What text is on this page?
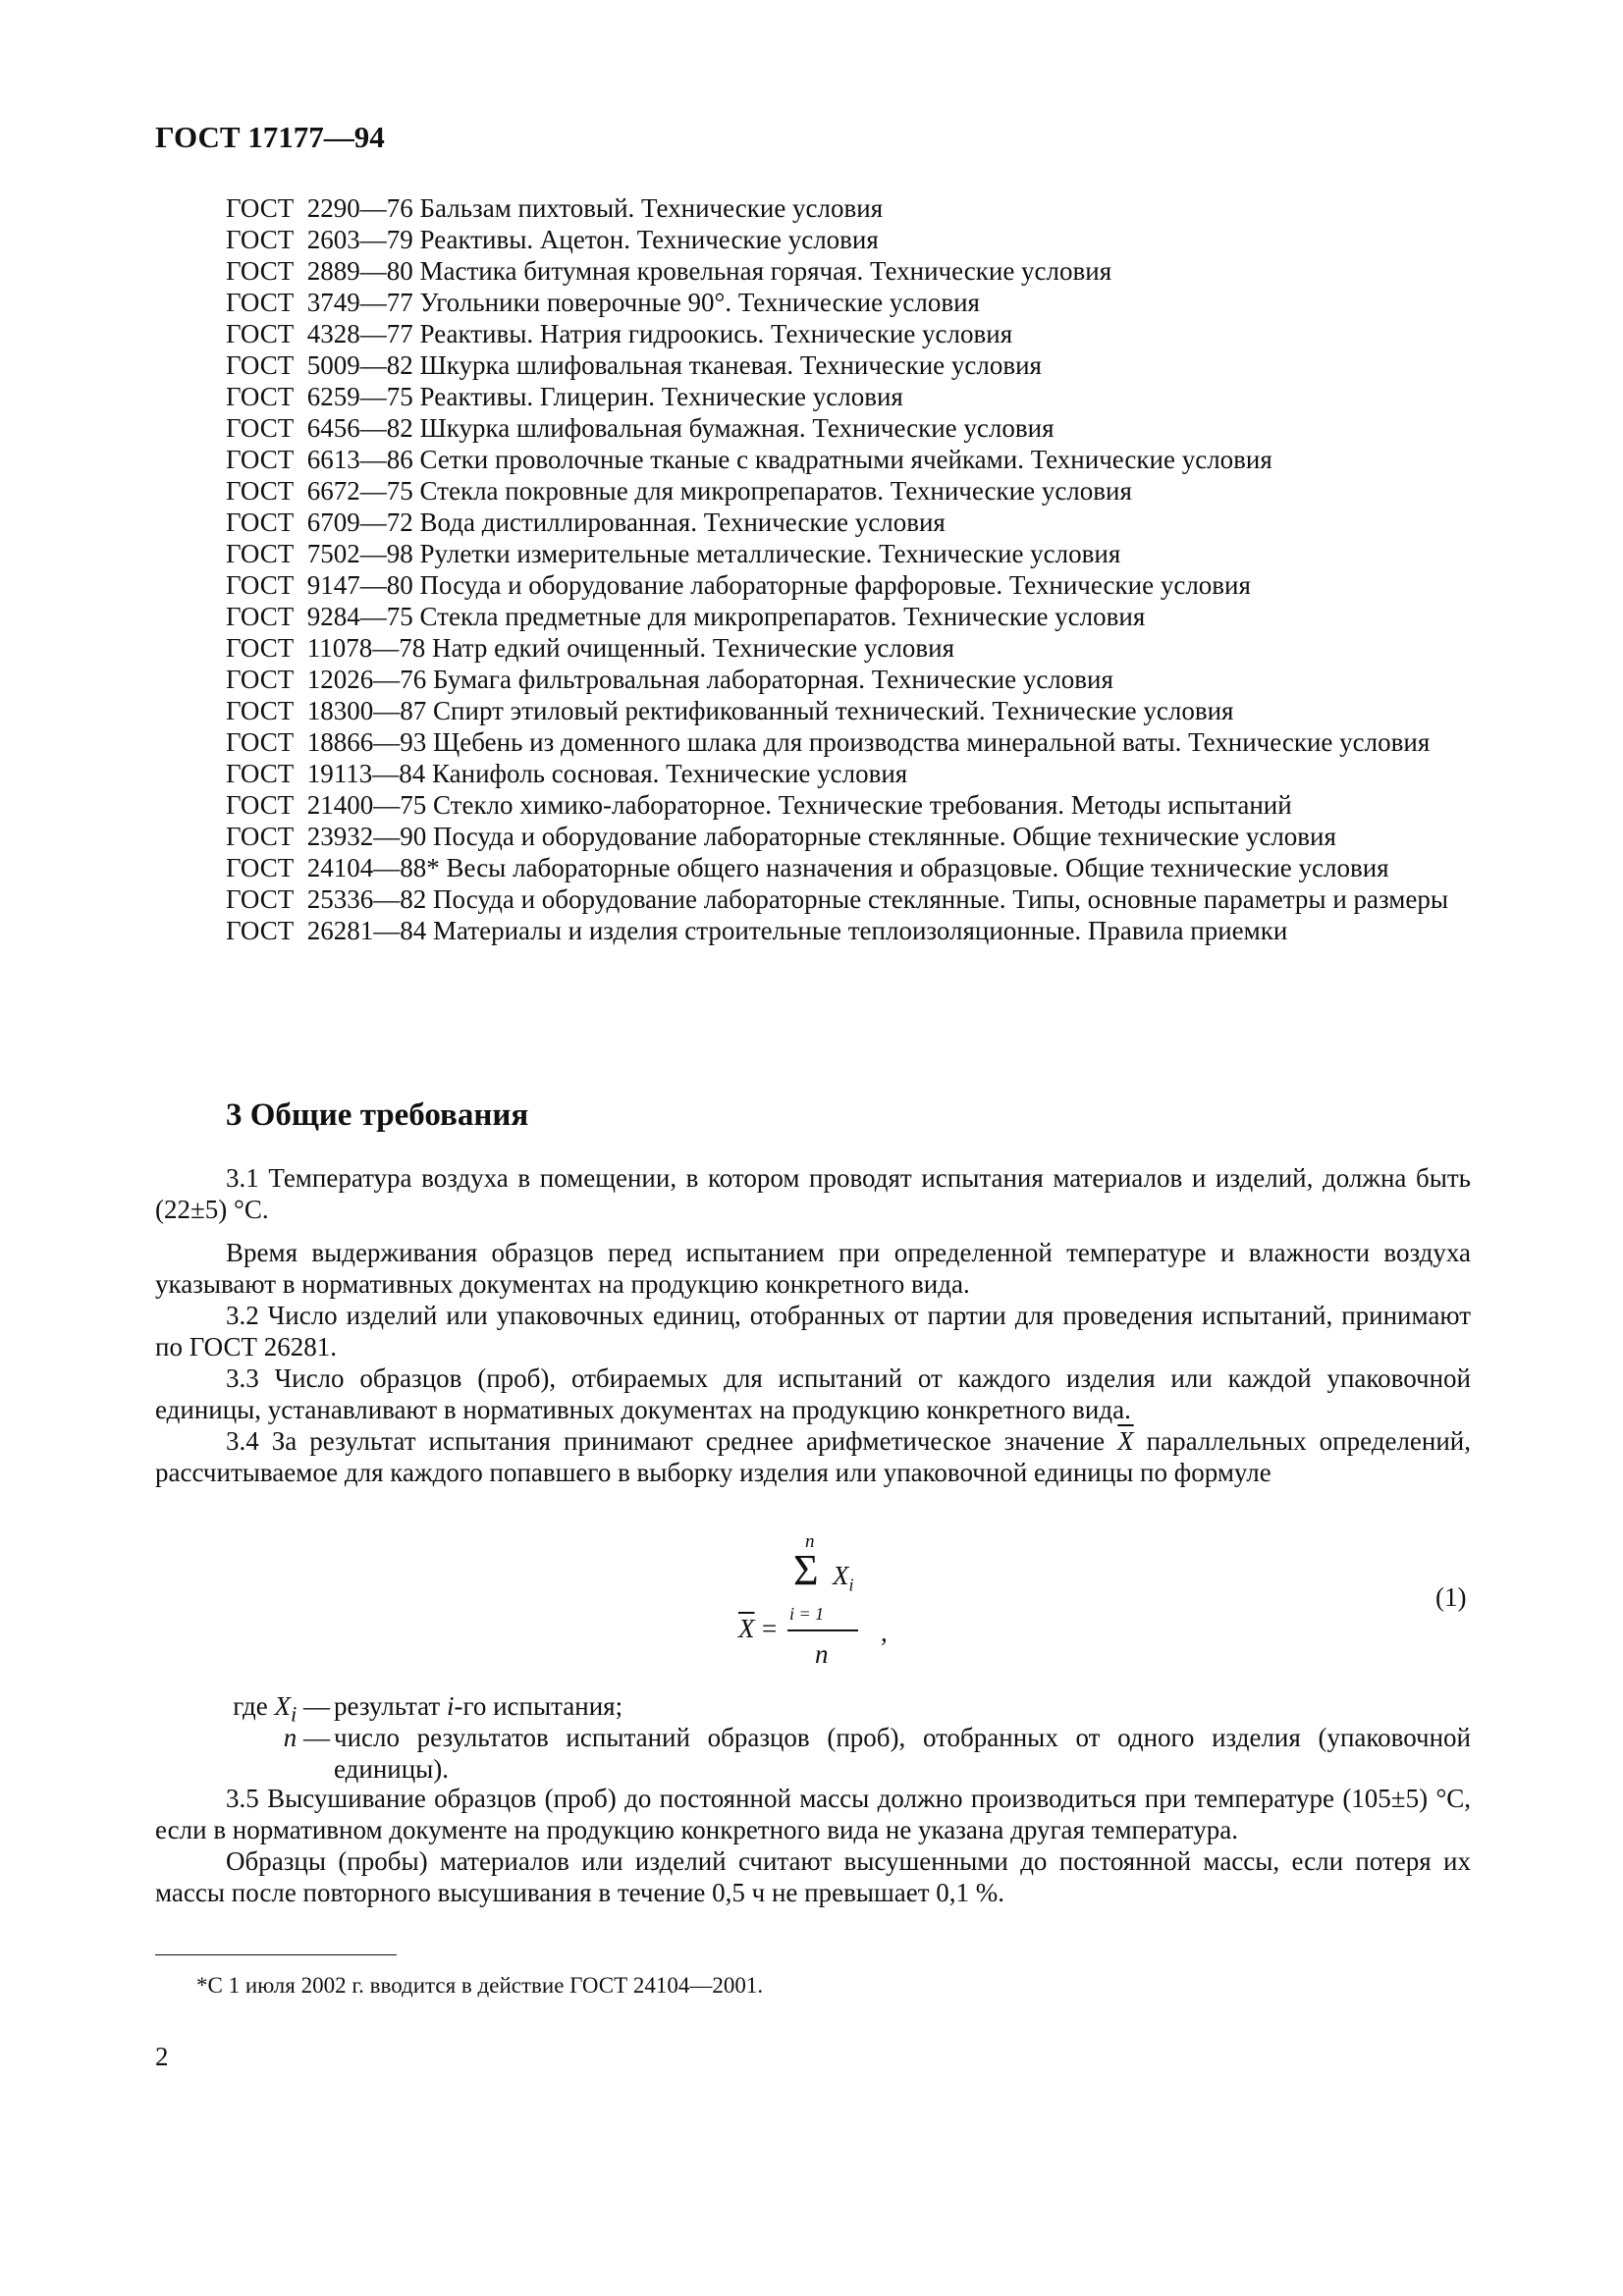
ГОСТ 17177—94

ГОСТ  2290—76 Бальзам пихтовый. Технические условия

ГОСТ  2603—79 Реактивы. Ацетон. Технические условия

ГОСТ  2889—80 Мастика битумная кровельная горячая. Технические условия

ГОСТ  3749—77 Угольники поверочные 90°. Технические условия

ГОСТ  4328—77 Реактивы. Натрия гидроокись. Технические условия

ГОСТ  5009—82 Шкурка шлифовальная тканевая. Технические условия

ГОСТ  6259—75 Реактивы. Глицерин. Технические условия

ГОСТ  6456—82 Шкурка шлифовальная бумажная. Технические условия

ГОСТ  6613—86 Сетки проволочные тканые с квадратными ячейками. Технические условия

ГОСТ  6672—75 Стекла покровные для микропрепаратов. Технические условия

ГОСТ  6709—72 Вода дистиллированная. Технические условия

ГОСТ  7502—98 Рулетки измерительные металлические. Технические условия

ГОСТ  9147—80 Посуда и оборудование лабораторные фарфоровые. Технические условия

ГОСТ  9284—75 Стекла предметные для микропрепаратов. Технические условия

ГОСТ  11078—78 Натр едкий очищенный. Технические условия

ГОСТ  12026—76 Бумага фильтровальная лабораторная. Технические условия

ГОСТ  18300—87 Спирт этиловый ректификованный технический. Технические условия

ГОСТ  18866—93 Щебень из доменного шлака для производства минеральной ваты. Технические условия

ГОСТ  19113—84 Канифоль сосновая. Технические условия

ГОСТ  21400—75 Стекло химико-лабораторное. Технические требования. Методы испытаний

ГОСТ  23932—90 Посуда и оборудование лабораторные стеклянные. Общие технические условия

ГОСТ  24104—88* Весы лабораторные общего назначения и образцовые. Общие технические условия

ГОСТ  25336—82 Посуда и оборудование лабораторные стеклянные. Типы, основные параметры и размеры

ГОСТ  26281—84 Материалы и изделия строительные теплоизоляционные. Правила приемки

3 Общие требования

3.1 Температура воздуха в помещении, в котором проводят испытания материалов и изделий, должна быть (22±5) °С.

Время выдерживания образцов перед испытанием при определенной температуре и влажности воздуха указывают в нормативных документах на продукцию конкретного вида.

3.2 Число изделий или упаковочных единиц, отобранных от партии для проведения испытаний, принимают по ГОСТ 26281.

3.3 Число образцов (проб), отбираемых для испытаний от каждого изделия или каждой упаковочной единицы, устанавливают в нормативных документах на продукцию конкретного вида.

3.4 За результат испытания принимают среднее арифметическое значение $\overline{X}$ параллельных определений, рассчитываемое для каждого попавшего в выборку изделия или упаковочной единицы по формуле

n
Σ $X_i$
i = 1
$\overline{X}$ =
n
,
(1)
где $X_i$ — результат i-го испытания;
n — число результатов испытаний образцов (проб), отобранных от одного изделия (упаковочной единицы).

3.5 Высушивание образцов (проб) до постоянной массы должно производиться при температуре (105±5) °С, если в нормативном документе на продукцию конкретного вида не указана другая температура.

Образцы (пробы) материалов или изделий считают высушенными до постоянной массы, если потеря их массы после повторного высушивания в течение 0,5 ч не превышает 0,1 %.

*С 1 июля 2002 г. вводится в действие ГОСТ 24104—2001.
2
